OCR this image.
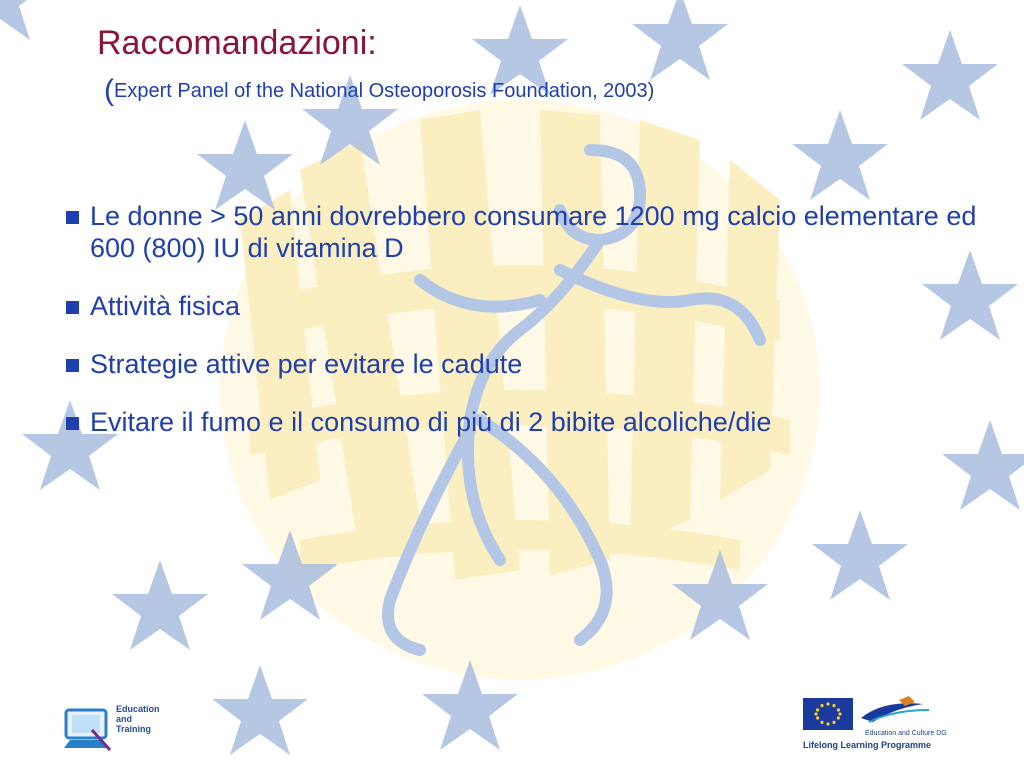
Raccomandazioni:

(Expert Panel of the National Osteoporosis Foundation, 2003)

Le donne > 50 anni dovrebbero consumare 1200 mg calcio elementare ed 600 (800) IU di vitamina D
Attività fisica
Strategie attive per evitare le cadute
Evitare il fumo e il consumo di più di 2 bibite alcoliche/die
Education and Training	Education and Culture DG
Lifelong Learning Programme
